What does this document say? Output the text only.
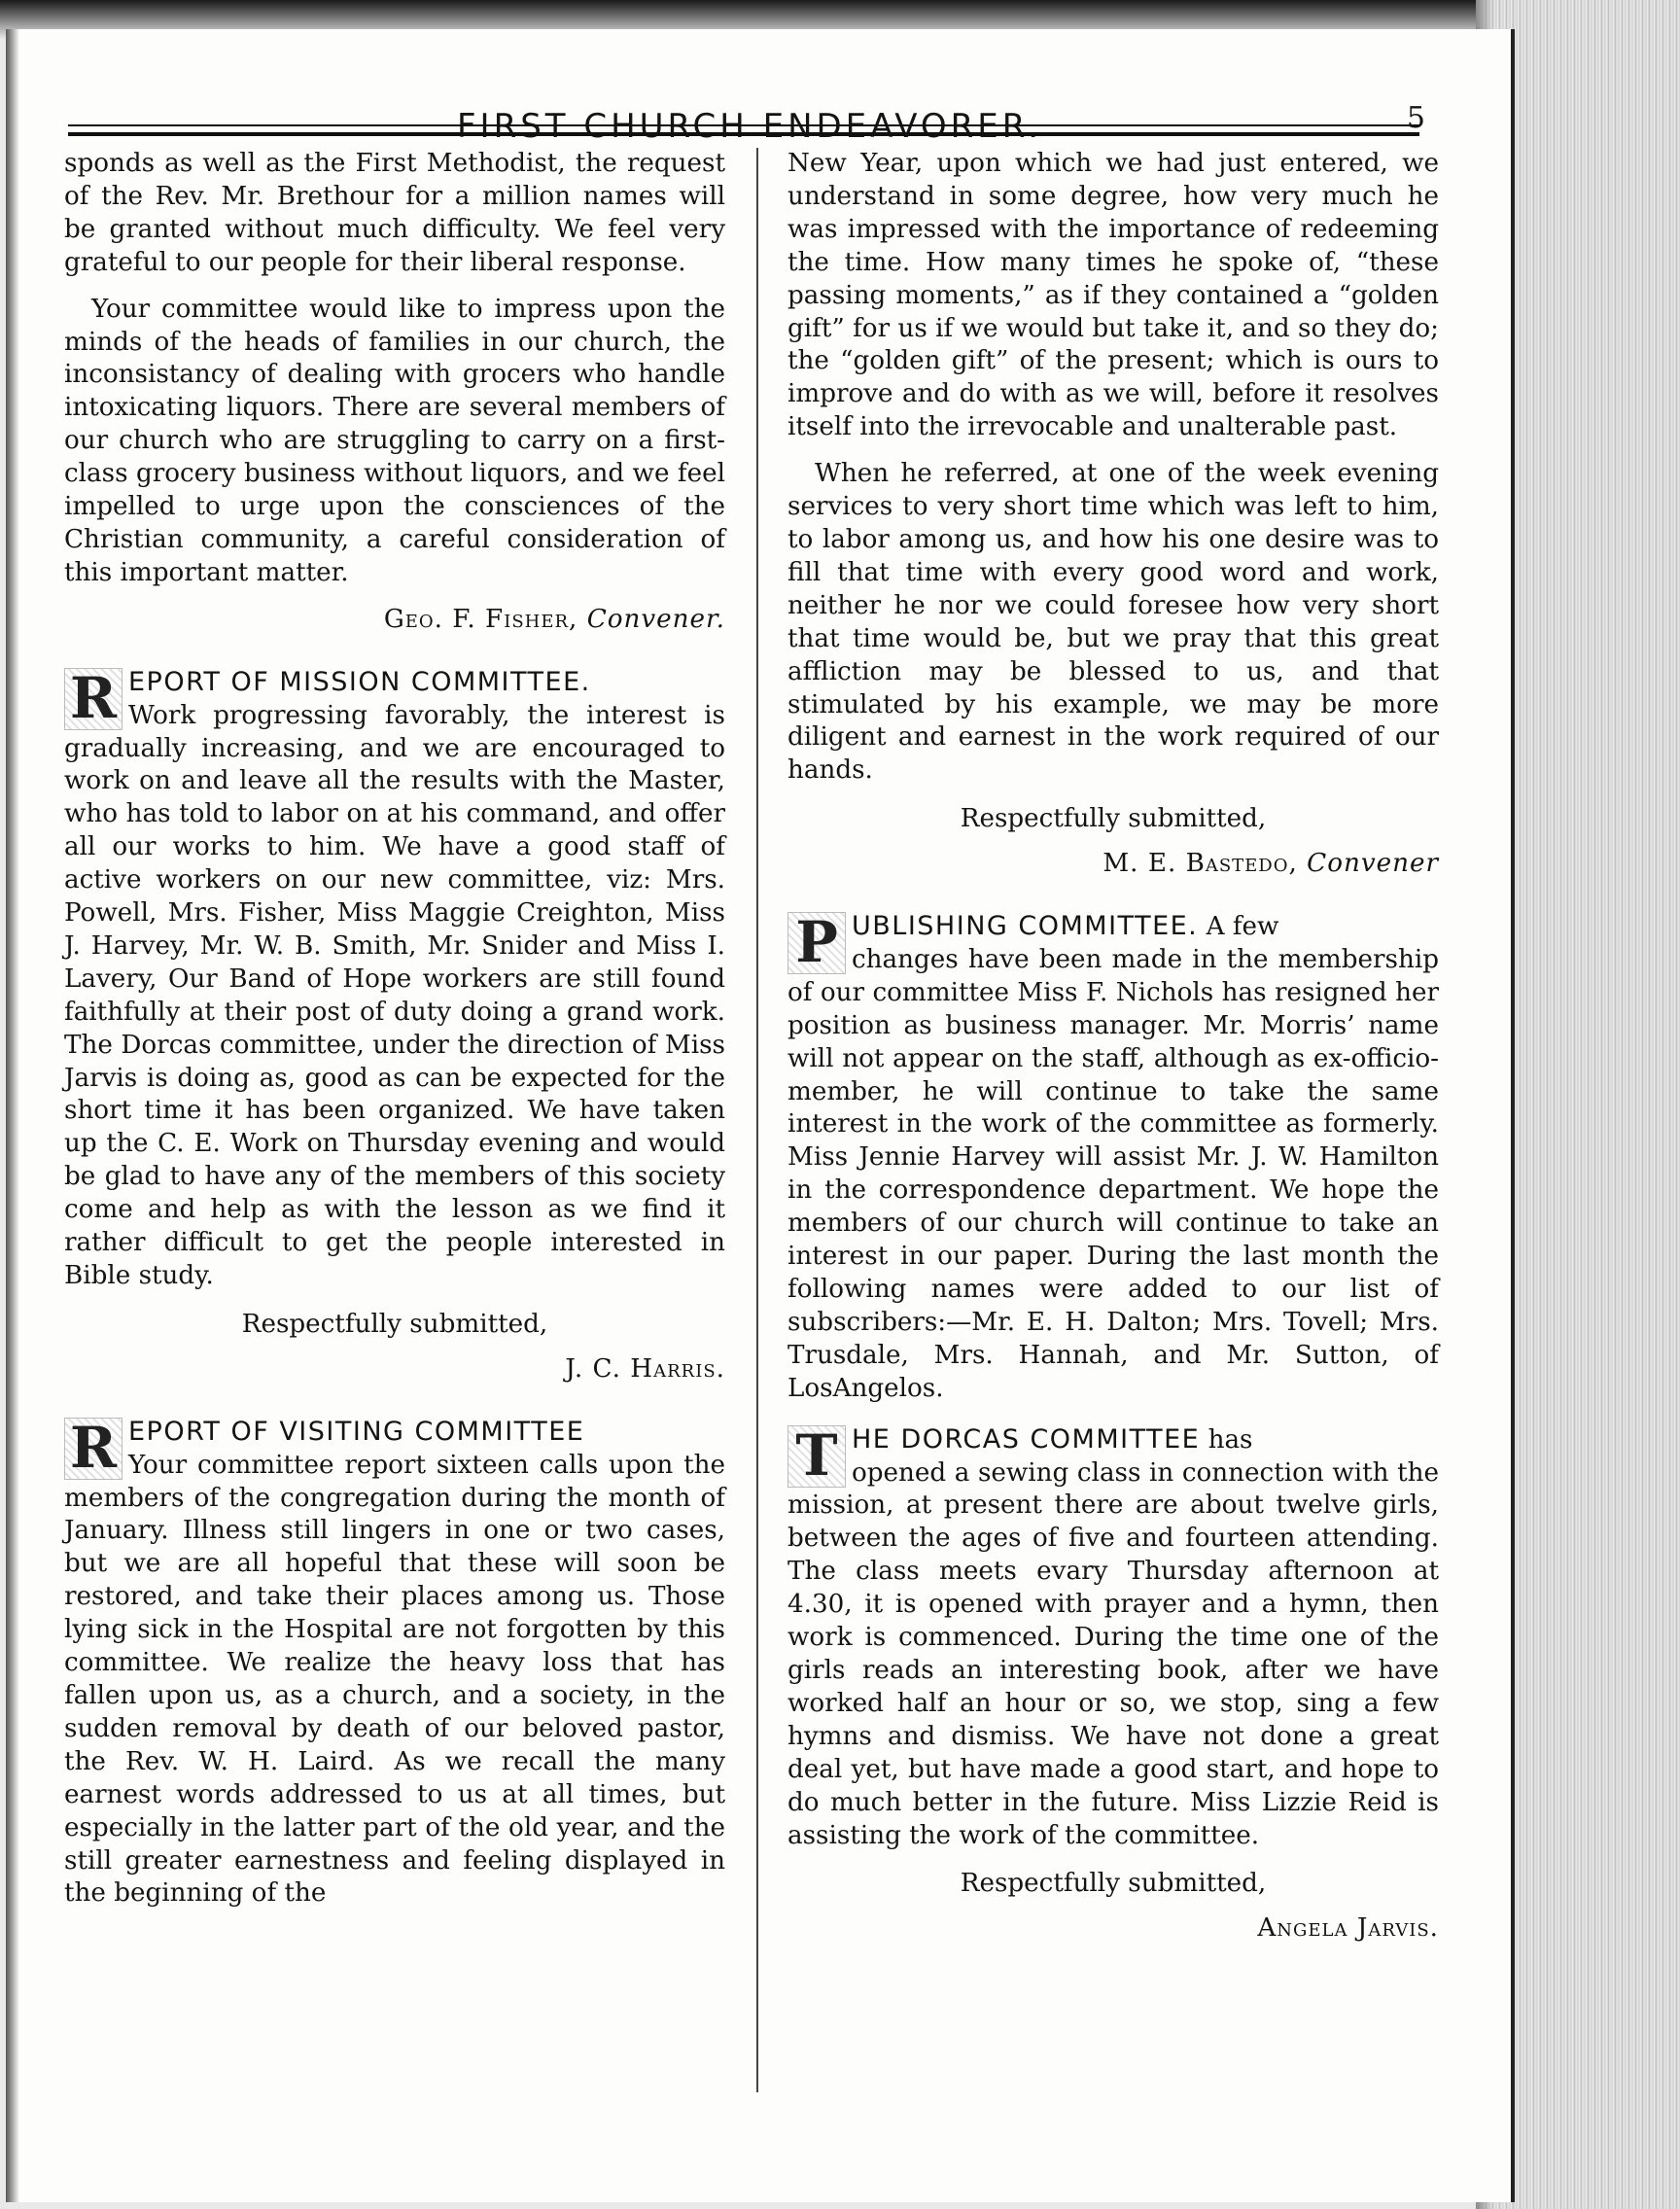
FIRST CHURCH ENDEAVORER.	5

sponds as well as the First Methodist, the request of the Rev. Mr. Brethour for a million names will be granted without much difficulty. We feel very grateful to our people for their liberal response.

Your committee would like to impress upon the minds of the heads of families in our church, the inconsistancy of dealing with grocers who handle intoxicating liquors. There are several members of our church who are struggling to carry on a first-class grocery business without liquors, and we feel impelled to urge upon the consciences of the Christian community, a careful consideration of this important matter.

Geo. F. Fisher, Convener.

R EPORT OF MISSION COMMITTEE.
Work progressing favorably, the interest is gradually increasing, and we are encouraged to work on and leave all the results with the Master, who has told to labor on at his command, and offer all our works to him. We have a good staff of active workers on our new committee, viz: Mrs. Powell, Mrs. Fisher, Miss Maggie Creighton, Miss J. Harvey, Mr. W. B. Smith, Mr. Snider and Miss I. Lavery, Our Band of Hope workers are still found faithfully at their post of duty doing a grand work. The Dorcas committee, under the direction of Miss Jarvis is doing as, good as can be expected for the short time it has been organized. We have taken up the C. E. Work on Thursday evening and would be glad to have any of the members of this society come and help as with the lesson as we find it rather difficult to get the people interested in Bible study.

Respectfully submitted,

J. C. Harris.

R EPORT OF VISITING COMMITTEE
Your committee report sixteen calls upon the members of the congregation during the month of January. Illness still lingers in one or two cases, but we are all hopeful that these will soon be restored, and take their places among us. Those lying sick in the Hospital are not forgotten by this committee. We realize the heavy loss that has fallen upon us, as a church, and a society, in the sudden removal by death of our beloved pastor, the Rev. W. H. Laird. As we recall the many earnest words addressed to us at all times, but especially in the latter part of the old year, and the still greater earnestness and feeling displayed in the beginning of the

New Year, upon which we had just entered, we understand in some degree, how very much he was impressed with the importance of redeeming the time. How many times he spoke of, “these passing moments,” as if they contained a “golden gift” for us if we would but take it, and so they do; the “golden gift” of the present; which is ours to improve and do with as we will, before it resolves itself into the irrevocable and unalterable past.

When he referred, at one of the week evening services to very short time which was left to him, to labor among us, and how his one desire was to fill that time with every good word and work, neither he nor we could foresee how very short that time would be, but we pray that this great affliction may be blessed to us, and that stimulated by his example, we may be more diligent and earnest in the work required of our hands.

Respectfully submitted,

M. E. Bastedo, Convener

P UBLISHING COMMITTEE. A few
changes have been made in the membership of our committee Miss F. Nichols has resigned her position as business manager. Mr. Morris’ name will not appear on the staff, although as ex-officio-member, he will continue to take the same interest in the work of the committee as formerly. Miss Jennie Harvey will assist Mr. J. W. Hamilton in the correspondence department. We hope the members of our church will continue to take an interest in our paper. During the last month the following names were added to our list of subscribers:—Mr. E. H. Dalton; Mrs. Tovell; Mrs. Trusdale, Mrs. Hannah, and Mr. Sutton, of LosAngelos.

T HE DORCAS COMMITTEE has
opened a sewing class in connection with the mission, at present there are about twelve girls, between the ages of five and fourteen attending. The class meets evary Thursday afternoon at 4.30, it is opened with prayer and a hymn, then work is commenced. During the time one of the girls reads an interesting book, after we have worked half an hour or so, we stop, sing a few hymns and dismiss. We have not done a great deal yet, but have made a good start, and hope to do much better in the future. Miss Lizzie Reid is assisting the work of the committee.

Respectfully submitted,

Angela Jarvis.
